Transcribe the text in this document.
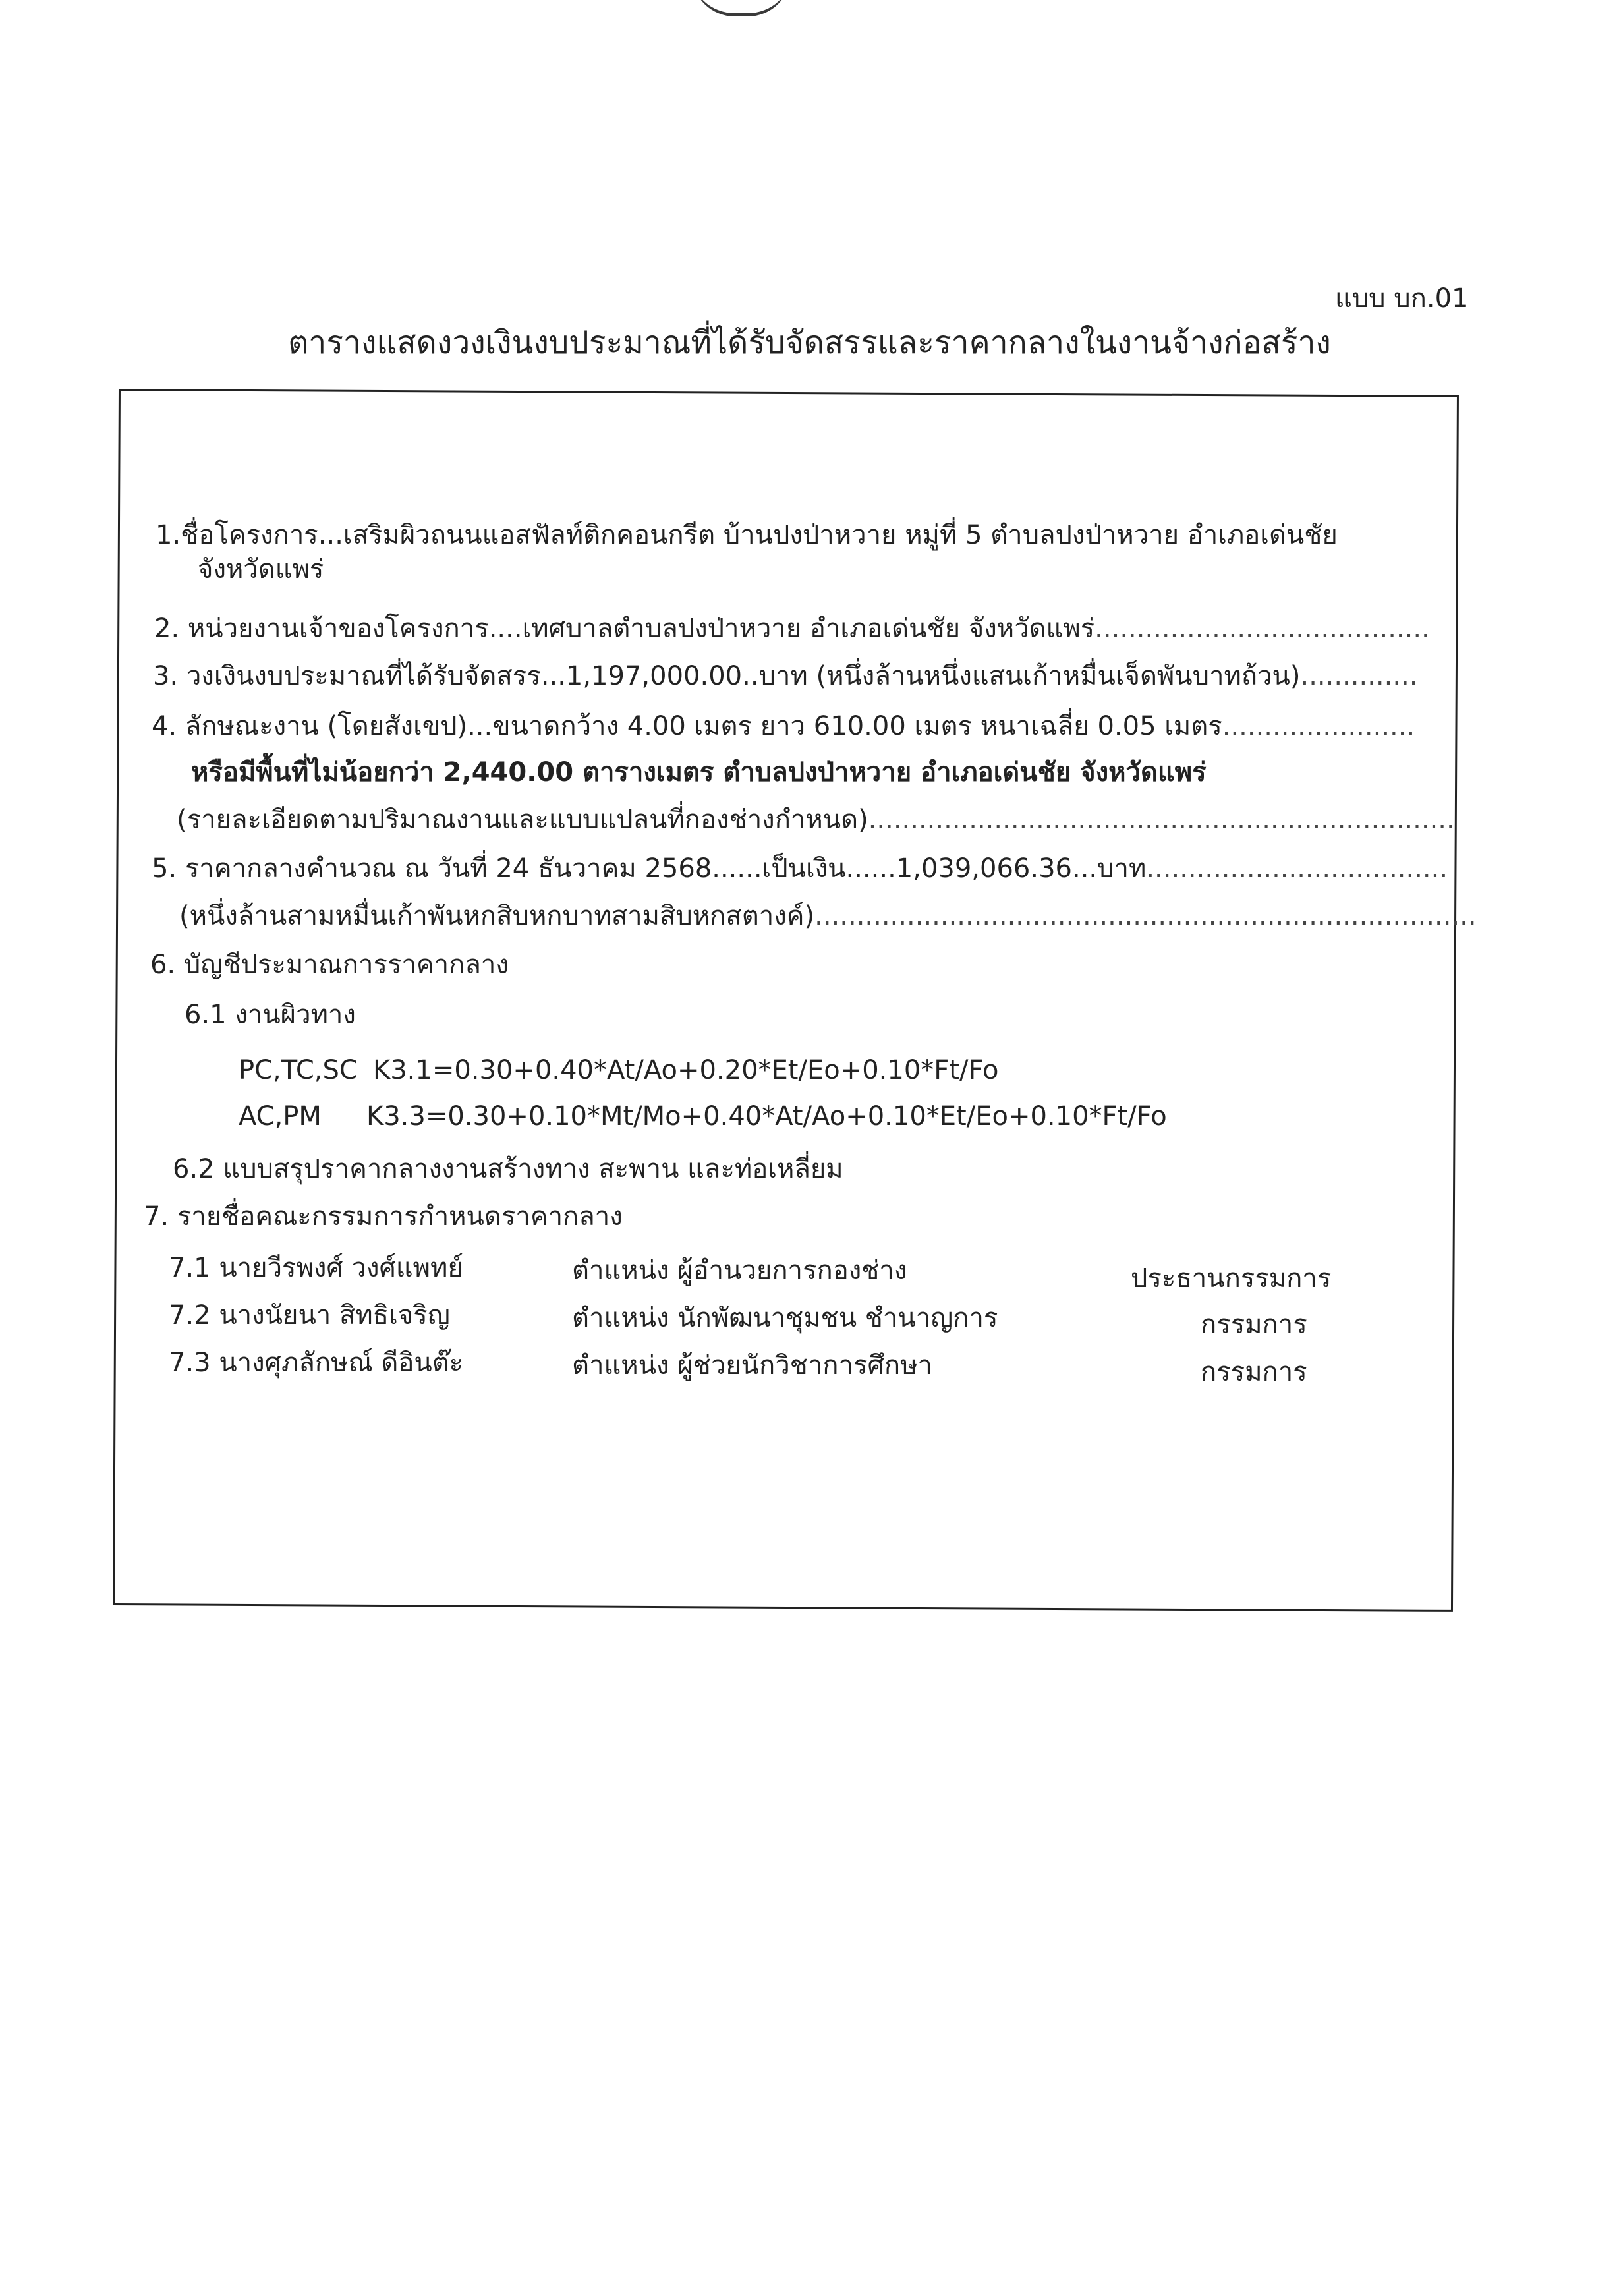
แบบ บก.01
ตารางแสดงวงเงินงบประมาณที่ได้รับจัดสรรและราคากลางในงานจ้างก่อสร้าง
1.ชื่อโครงการ...เสริมผิวถนนแอสฟัลท์ติกคอนกรีต บ้านปงป่าหวาย หมู่ที่ 5 ตำบลปงป่าหวาย อำเภอเด่นชัย
จังหวัดแพร่
2. หน่วยงานเจ้าของโครงการ....เทศบาลตำบลปงป่าหวาย อำเภอเด่นชัย จังหวัดแพร่........................................
3. วงเงินงบประมาณที่ได้รับจัดสรร...1,197,000.00..บาท (หนึ่งล้านหนึ่งแสนเก้าหมื่นเจ็ดพันบาทถ้วน)..............
4. ลักษณะงาน (โดยสังเขป)...ขนาดกว้าง 4.00 เมตร ยาว 610.00 เมตร หนาเฉลี่ย 0.05 เมตร.......................
หรือมีพื้นที่ไม่น้อยกว่า 2,440.00 ตารางเมตร ตำบลปงป่าหวาย อำเภอเด่นชัย จังหวัดแพร่
(รายละเอียดตามปริมาณงานและแบบแปลนที่กองช่างกำหนด)......................................................................
5. ราคากลางคำนวณ ณ วันที่ 24 ธันวาคม 2568......เป็นเงิน......1,039,066.36...บาท....................................
(หนึ่งล้านสามหมื่นเก้าพันหกสิบหกบาทสามสิบหกสตางค์)...............................................................................
6. บัญชีประมาณการราคากลาง
6.1 งานผิวทาง
PC,TC,SC K3.1=0.30+0.40*At/Ao+0.20*Et/Eo+0.10*Ft/Fo
AC,PM K3.3=0.30+0.10*Mt/Mo+0.40*At/Ao+0.10*Et/Eo+0.10*Ft/Fo
6.2 แบบสรุปราคากลางงานสร้างทาง สะพาน และท่อเหลี่ยม
7. รายชื่อคณะกรรมการกำหนดราคากลาง
7.1 นายวีรพงศ์ วงศ์แพทย์	ตำแหน่ง ผู้อำนวยการกองช่าง	ประธานกรรมการ
7.2 นางนัยนา สิทธิเจริญ	ตำแหน่ง นักพัฒนาชุมชน ชำนาญการ	กรรมการ
7.3 นางศุภลักษณ์ ดีอินต๊ะ	ตำแหน่ง ผู้ช่วยนักวิชาการศึกษา	กรรมการ
